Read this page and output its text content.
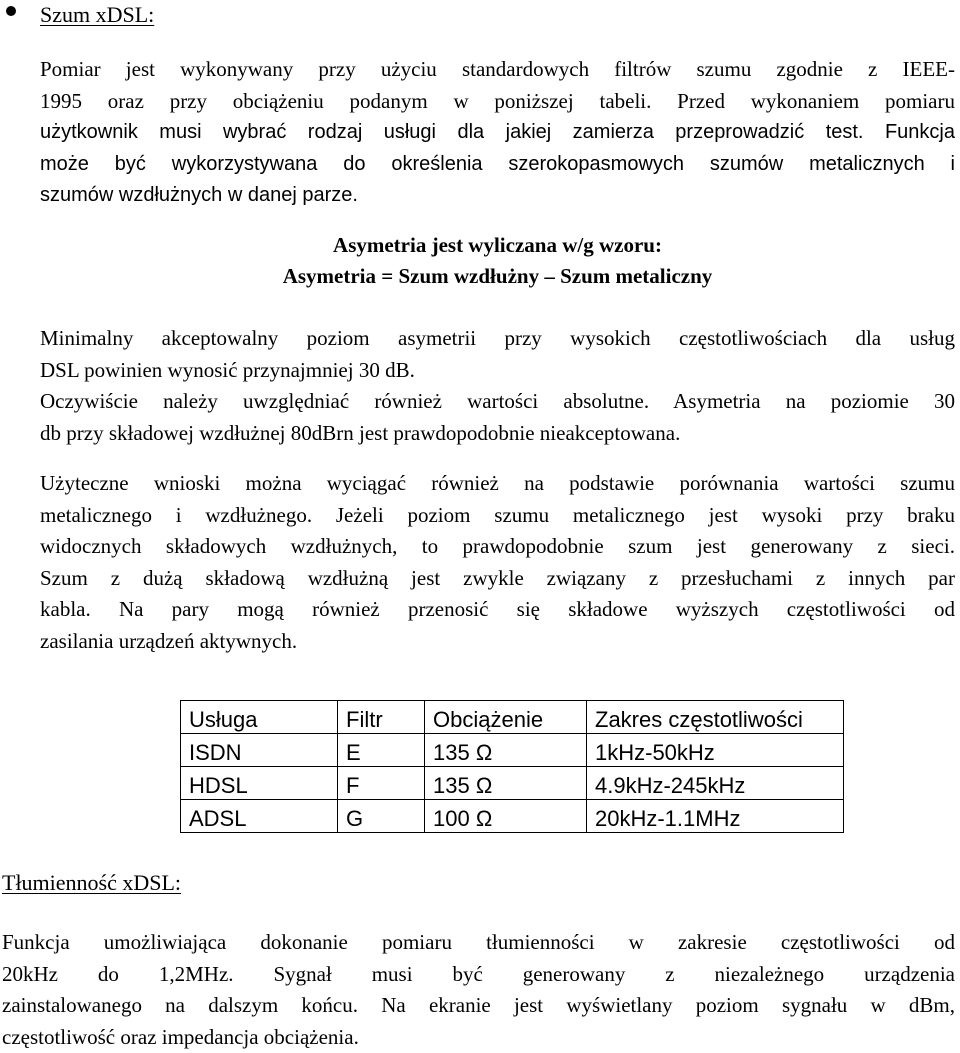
Szum xDSL:
Pomiar jest wykonywany przy użyciu standardowych filtrów szumu zgodnie z IEEE-
1995 oraz przy obciążeniu podanym w poniższej tabeli. Przed wykonaniem pomiaru
użytkownik musi wybrać rodzaj usługi dla jakiej zamierza przeprowadzić test. Funkcja
może być wykorzystywana do określenia szerokopasmowych szumów metalicznych i
szumów wzdłużnych w danej parze.
Asymetria jest wyliczana w/g wzoru:
Asymetria = Szum wzdłużny – Szum metaliczny
Minimalny akceptowalny poziom asymetrii przy wysokich częstotliwościach dla usług
DSL powinien wynosić przynajmniej 30 dB.
Oczywiście należy uwzględniać również wartości absolutne. Asymetria na poziomie 30
db przy składowej wzdłużnej 80dBrn jest prawdopodobnie nieakceptowana.
Użyteczne wnioski można wyciągać również na podstawie porównania wartości szumu
metalicznego i wzdłużnego. Jeżeli poziom szumu metalicznego jest wysoki przy braku
widocznych składowych wzdłużnych, to prawdopodobnie szum jest generowany z sieci.
Szum z dużą składową wzdłużną jest zwykle związany z przesłuchami z innych par
kabla. Na pary mogą również przenosić się składowe wyższych częstotliwości od
zasilania urządzeń aktywnych.
Usługa	Filtr	Obciążenie	Zakres częstotliwości
ISDN	E	135 Ω	1kHz-50kHz
HDSL	F	135 Ω	4.9kHz-245kHz
ADSL	G	100 Ω	20kHz-1.1MHz
Tłumienność xDSL:
Funkcja umożliwiająca dokonanie pomiaru tłumienności w zakresie częstotliwości od
20kHz do 1,2MHz. Sygnał musi być generowany z niezależnego urządzenia
zainstalowanego na dalszym końcu. Na ekranie jest wyświetlany poziom sygnału w dBm,
częstotliwość oraz impedancja obciążenia.
